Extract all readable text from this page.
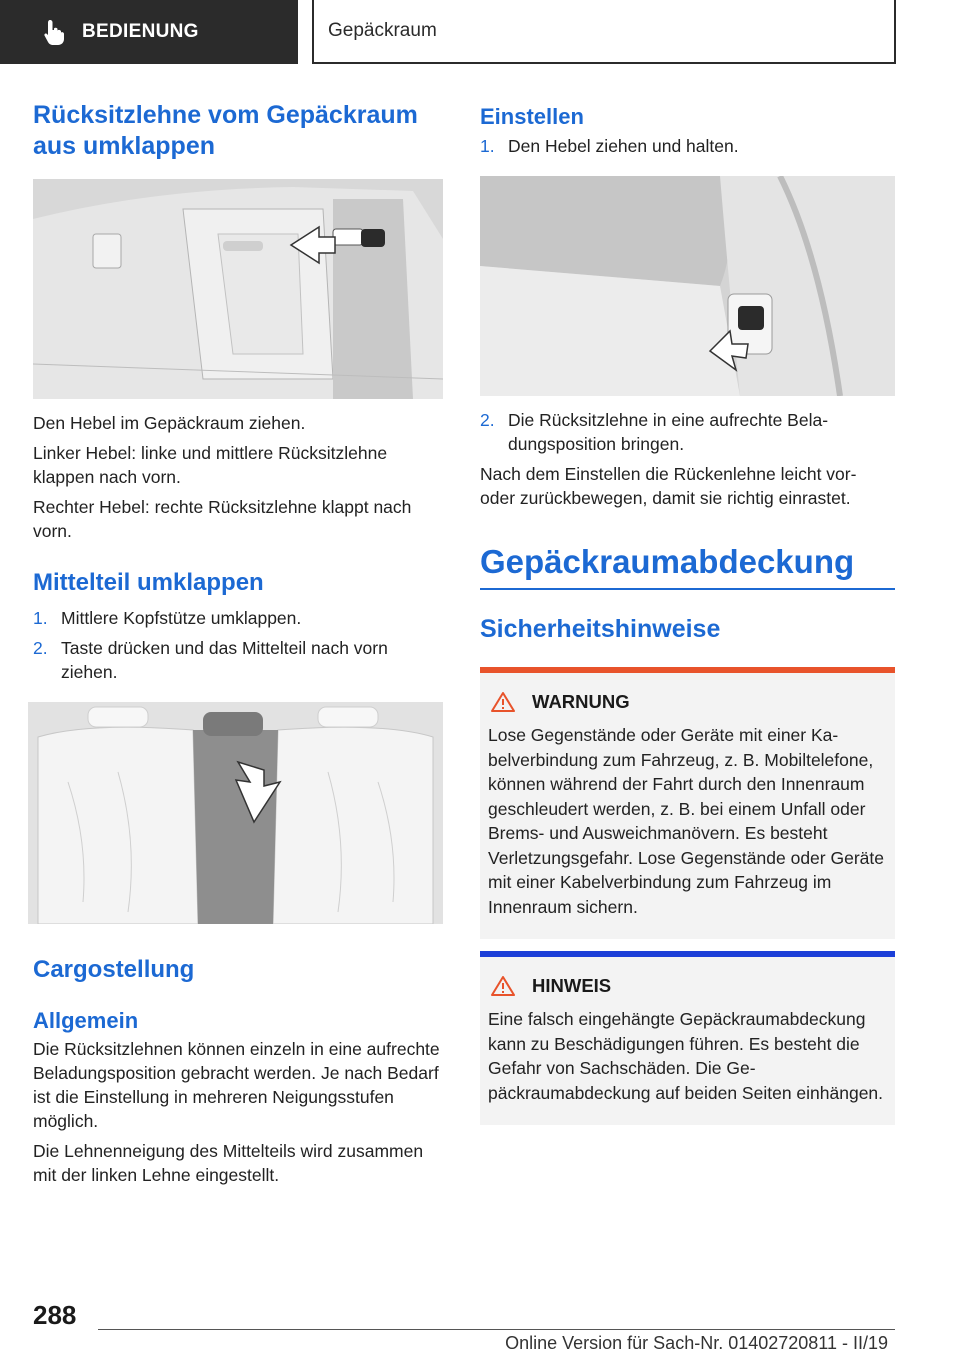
BEDIENUNG	Gepäckraum
Rücksitzlehne vom Gepäckraum aus umklappen

Den Hebel im Gepäckraum ziehen.

Linker Hebel: linke und mittlere Rücksitzlehne klappen nach vorn.

Rechter Hebel: rechte Rücksitzlehne klappt nach vorn.

Mittelteil umklappen
1. Mittlere Kopfstütze umklappen.
2. Taste drücken und das Mittelteil nach vorn ziehen.
Cargostellung
Allgemein

Die Rücksitzlehnen können einzeln in eine aufrechte Beladungsposition gebracht werden. Je nach Bedarf ist die Einstellung in mehreren Neigungsstufen möglich.

Die Lehnenneigung des Mittelteils wird zusammen mit der linken Lehne eingestellt.

Einstellen
1. Den Hebel ziehen und halten.
2. Die Rücksitzlehne in eine aufrechte Beladungsposition bringen.

Nach dem Einstellen die Rückenlehne leicht vor- oder zurückbewegen, damit sie richtig einrastet.

Gepäckraumabdeckung
Sicherheitshinweise
WARNUNG

Lose Gegenstände oder Geräte mit einer Kabelverbindung zum Fahrzeug, z. B. Mobiltelefone, können während der Fahrt durch den Innenraum geschleudert werden, z. B. bei einem Unfall oder Brems- und Ausweichmanövern. Es besteht Verletzungsgefahr. Lose Gegenstände oder Geräte mit einer Kabelverbindung zum Fahrzeug im Innenraum sichern.

HINWEIS

Eine falsch eingehängte Gepäckraumabdeckung kann zu Beschädigungen führen. Es besteht die Gefahr von Sachschäden. Die Gepäckraumabdeckung auf beiden Seiten einhängen.

288
Online Version für Sach-Nr. 01402720811 - II/19
